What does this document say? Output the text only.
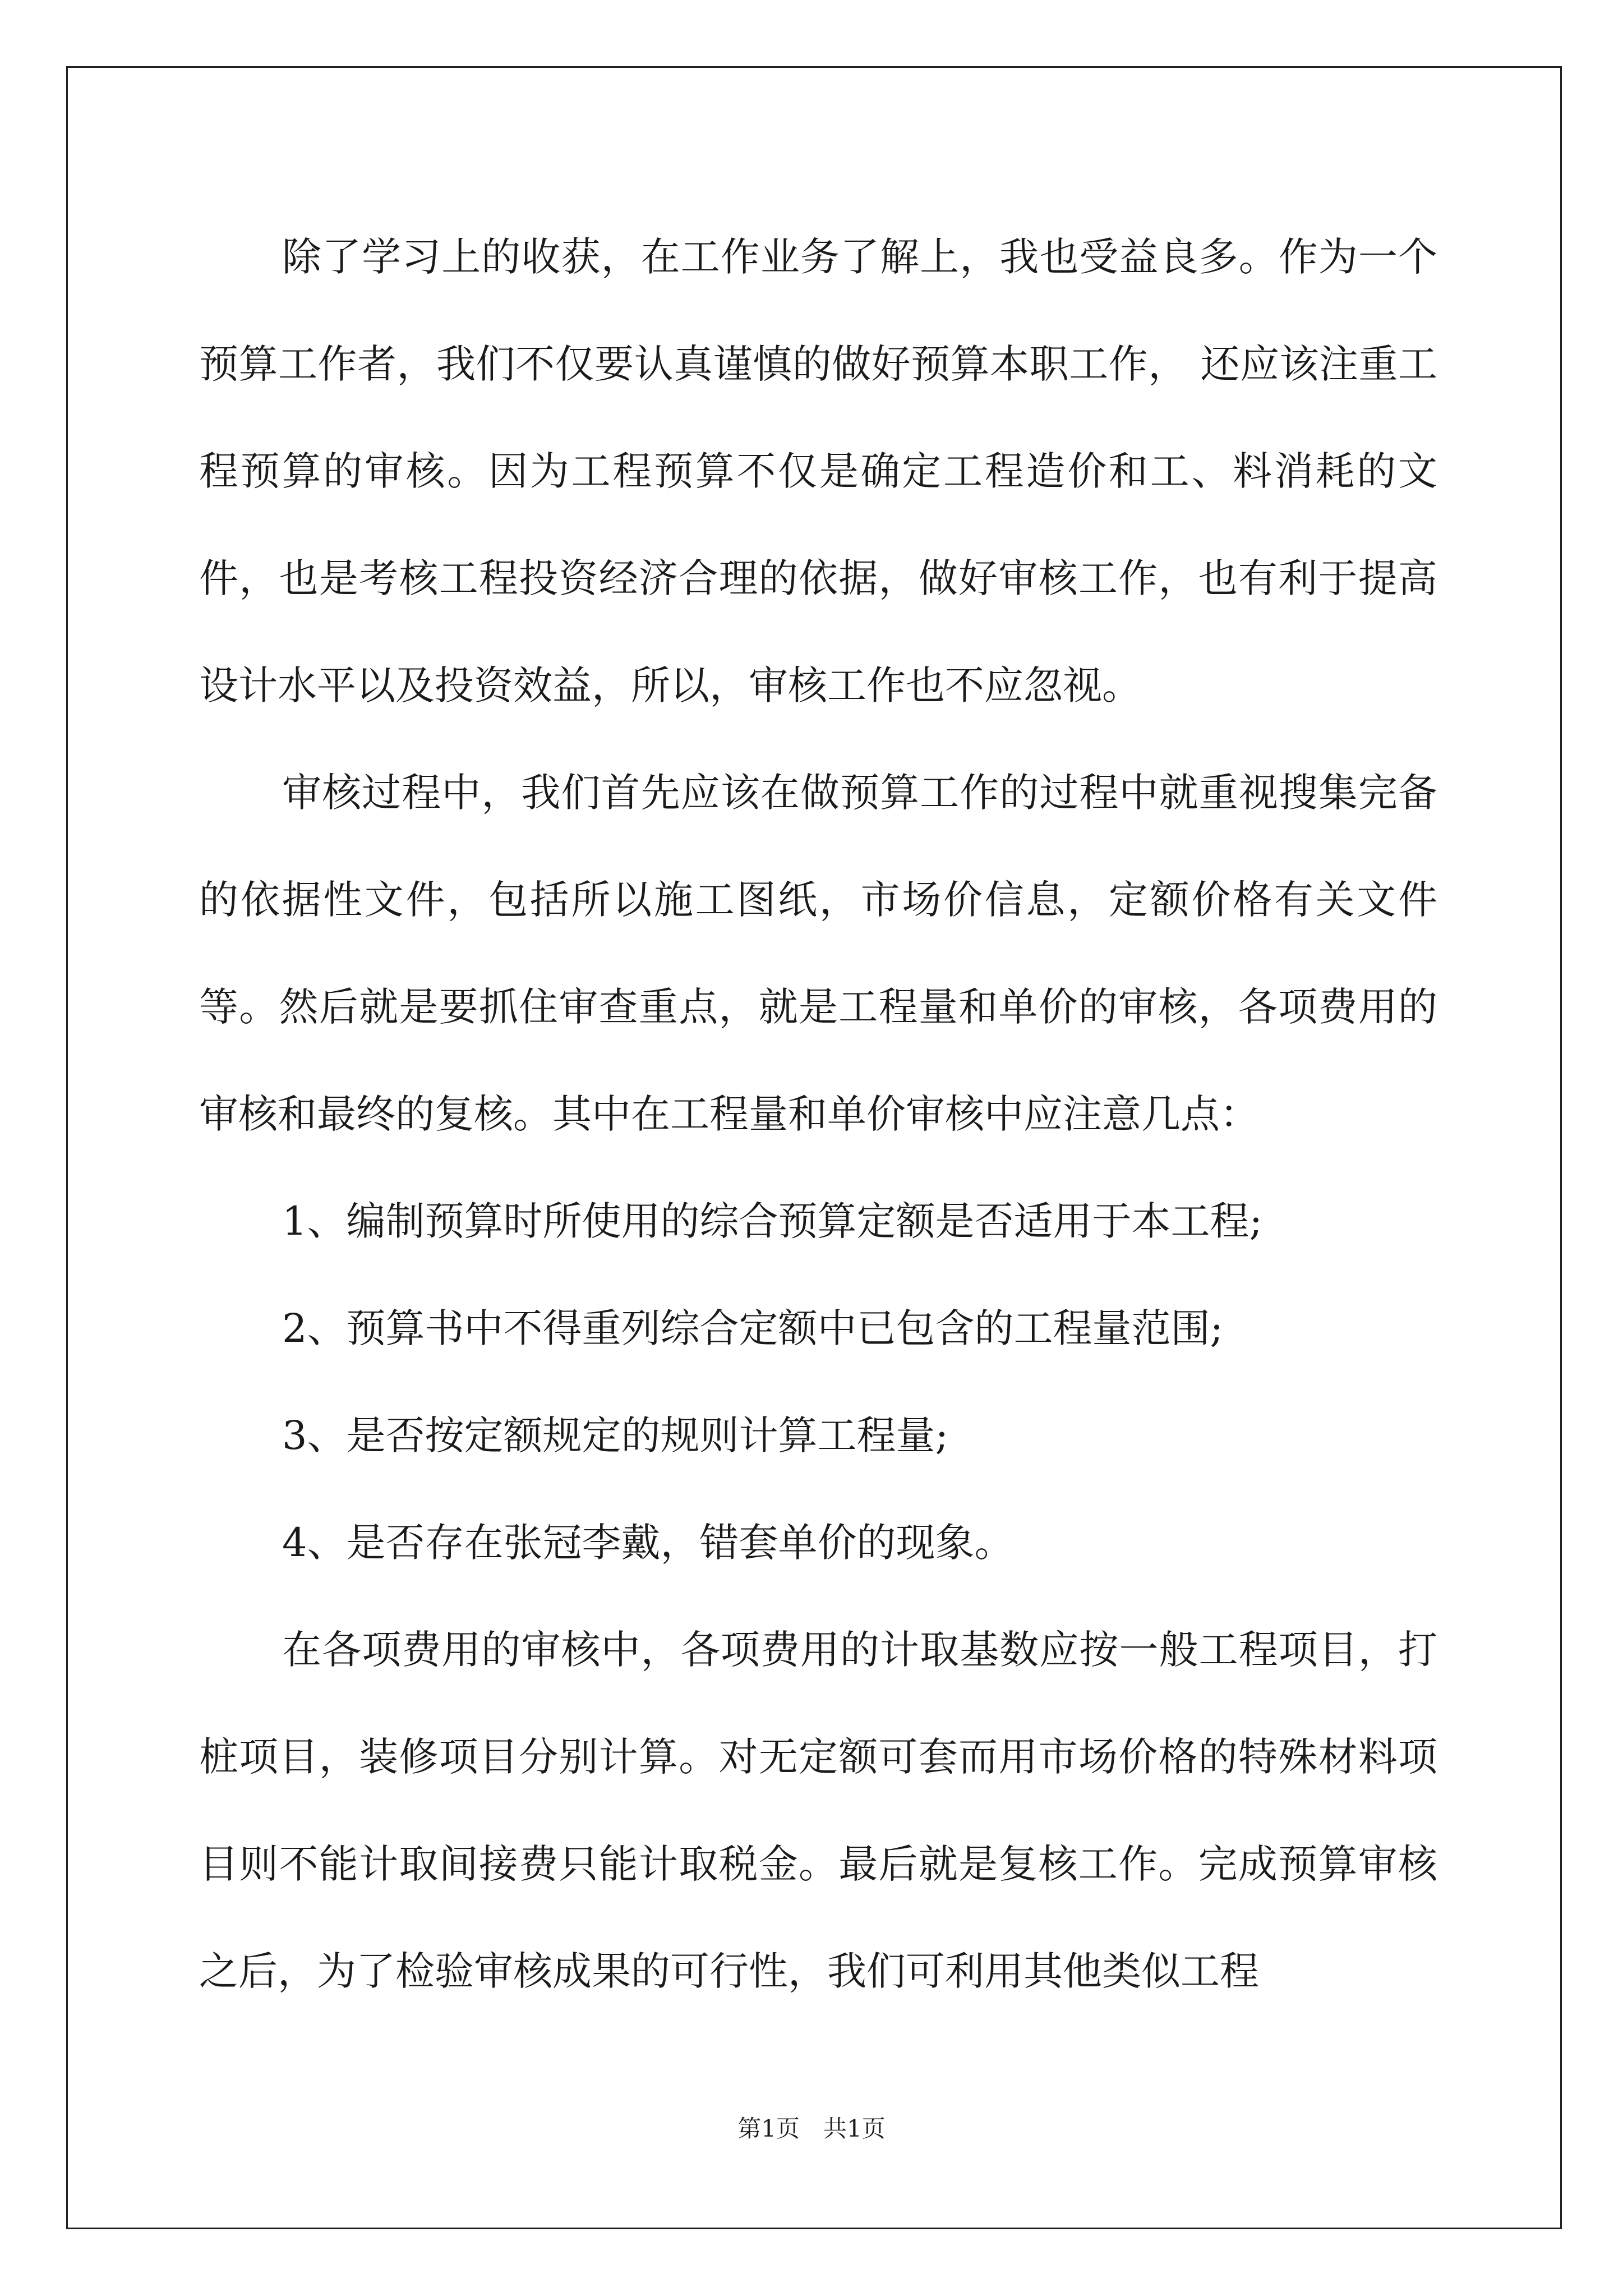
除了学习上的收获，在工作业务了解上，我也受益良多。作为一个预算工作者，我们不仅要认真谨慎的做好预算本职工作， 还应该注重工程预算的审核。因为工程预算不仅是确定工程造价和工、料消耗的文件，也是考核工程投资经济合理的依据，做好审核工作，也有利于提高设计水平以及投资效益，所以，审核工作也不应忽视。

审核过程中，我们首先应该在做预算工作的过程中就重视搜集完备的依据性文件，包括所以施工图纸，市场价信息，定额价格有关文件等。然后就是要抓住审查重点，就是工程量和单价的审核，各项费用的审核和最终的复核。其中在工程量和单价审核中应注意几点：

1、编制预算时所使用的综合预算定额是否适用于本工程;

2、预算书中不得重列综合定额中已包含的工程量范围;

3、是否按定额规定的规则计算工程量;

4、是否存在张冠李戴，错套单价的现象。

在各项费用的审核中，各项费用的计取基数应按一般工程项目，打桩项目，装修项目分别计算。对无定额可套而用市场价格的特殊材料项目则不能计取间接费只能计取税金。最后就是复核工作。完成预算审核之后，为了检验审核成果的可行性，我们可利用其他类似工程

第1页　共1页
